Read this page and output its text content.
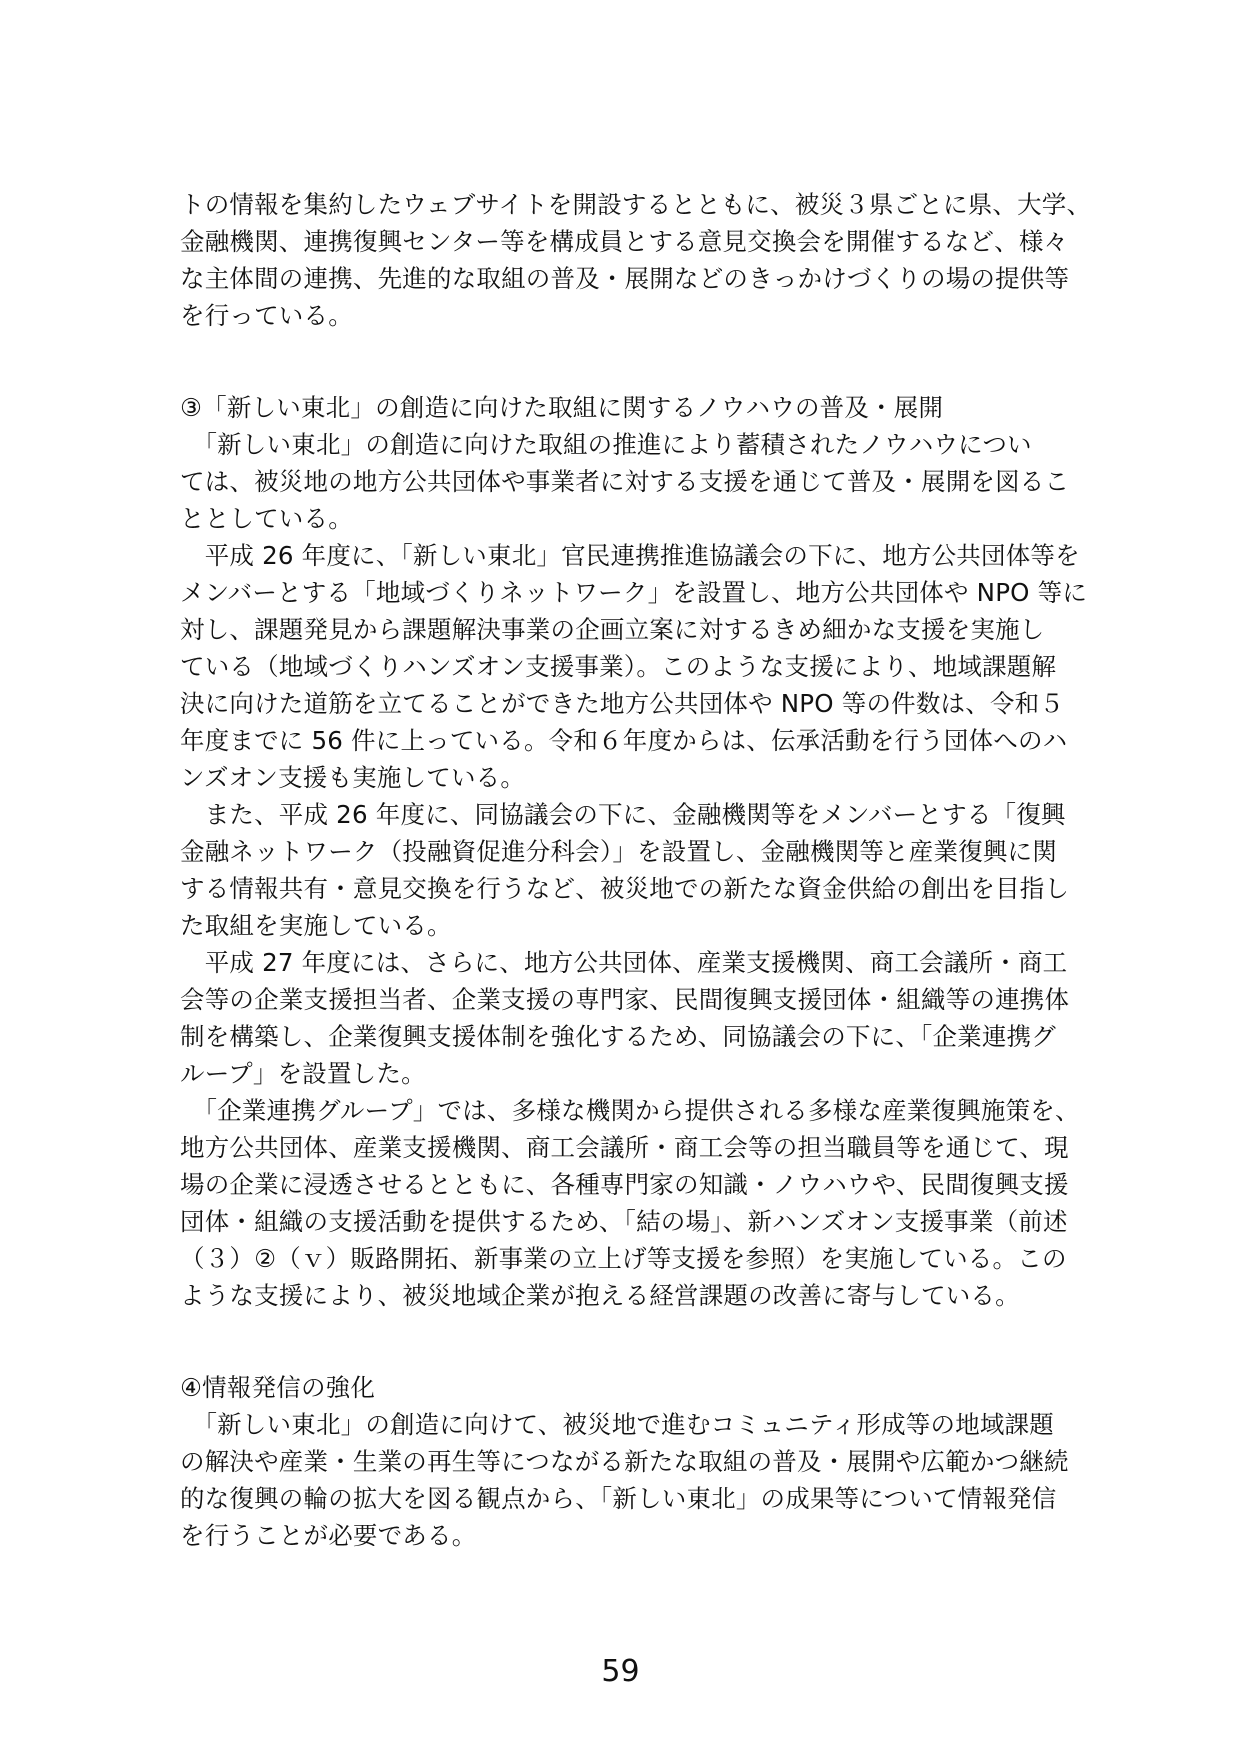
トの情報を集約したウェブサイトを開設するとともに、被災３県ごとに県、大学、
金融機関、連携復興センター等を構成員とする意見交換会を開催するなど、様々
な主体間の連携、先進的な取組の普及・展開などのきっかけづくりの場の提供等
を行っている。
③「新しい東北」の創造に向けた取組に関するノウハウの普及・展開
　「新しい東北」の創造に向けた取組の推進により蓄積されたノウハウについ
ては、被災地の地方公共団体や事業者に対する支援を通じて普及・展開を図るこ
ととしている。
　平成 26 年度に、「新しい東北」官民連携推進協議会の下に、地方公共団体等を
メンバーとする「地域づくりネットワーク」を設置し、地方公共団体や NPO 等に
対し、課題発見から課題解決事業の企画立案に対するきめ細かな支援を実施し
ている（地域づくりハンズオン支援事業）。このような支援により、地域課題解
決に向けた道筋を立てることができた地方公共団体や NPO 等の件数は、令和５
年度までに 56 件に上っている。令和６年度からは、伝承活動を行う団体へのハ
ンズオン支援も実施している。
　また、平成 26 年度に、同協議会の下に、金融機関等をメンバーとする「復興
金融ネットワーク（投融資促進分科会）」を設置し、金融機関等と産業復興に関
する情報共有・意見交換を行うなど、被災地での新たな資金供給の創出を目指し
た取組を実施している。
　平成 27 年度には、さらに、地方公共団体、産業支援機関、商工会議所・商工
会等の企業支援担当者、企業支援の専門家、民間復興支援団体・組織等の連携体
制を構築し、企業復興支援体制を強化するため、同協議会の下に、「企業連携グ
ループ」を設置した。
　「企業連携グループ」では、多様な機関から提供される多様な産業復興施策を、
地方公共団体、産業支援機関、商工会議所・商工会等の担当職員等を通じて、現
場の企業に浸透させるとともに、各種専門家の知識・ノウハウや、民間復興支援
団体・組織の支援活動を提供するため、「結の場」、新ハンズオン支援事業（前述
（３）②（ｖ）販路開拓、新事業の立上げ等支援を参照）を実施している。この
ような支援により、被災地域企業が抱える経営課題の改善に寄与している。
④情報発信の強化
　「新しい東北」の創造に向けて、被災地で進むコミュニティ形成等の地域課題
の解決や産業・生業の再生等につながる新たな取組の普及・展開や広範かつ継続
的な復興の輪の拡大を図る観点から、「新しい東北」の成果等について情報発信
を行うことが必要である。
59
